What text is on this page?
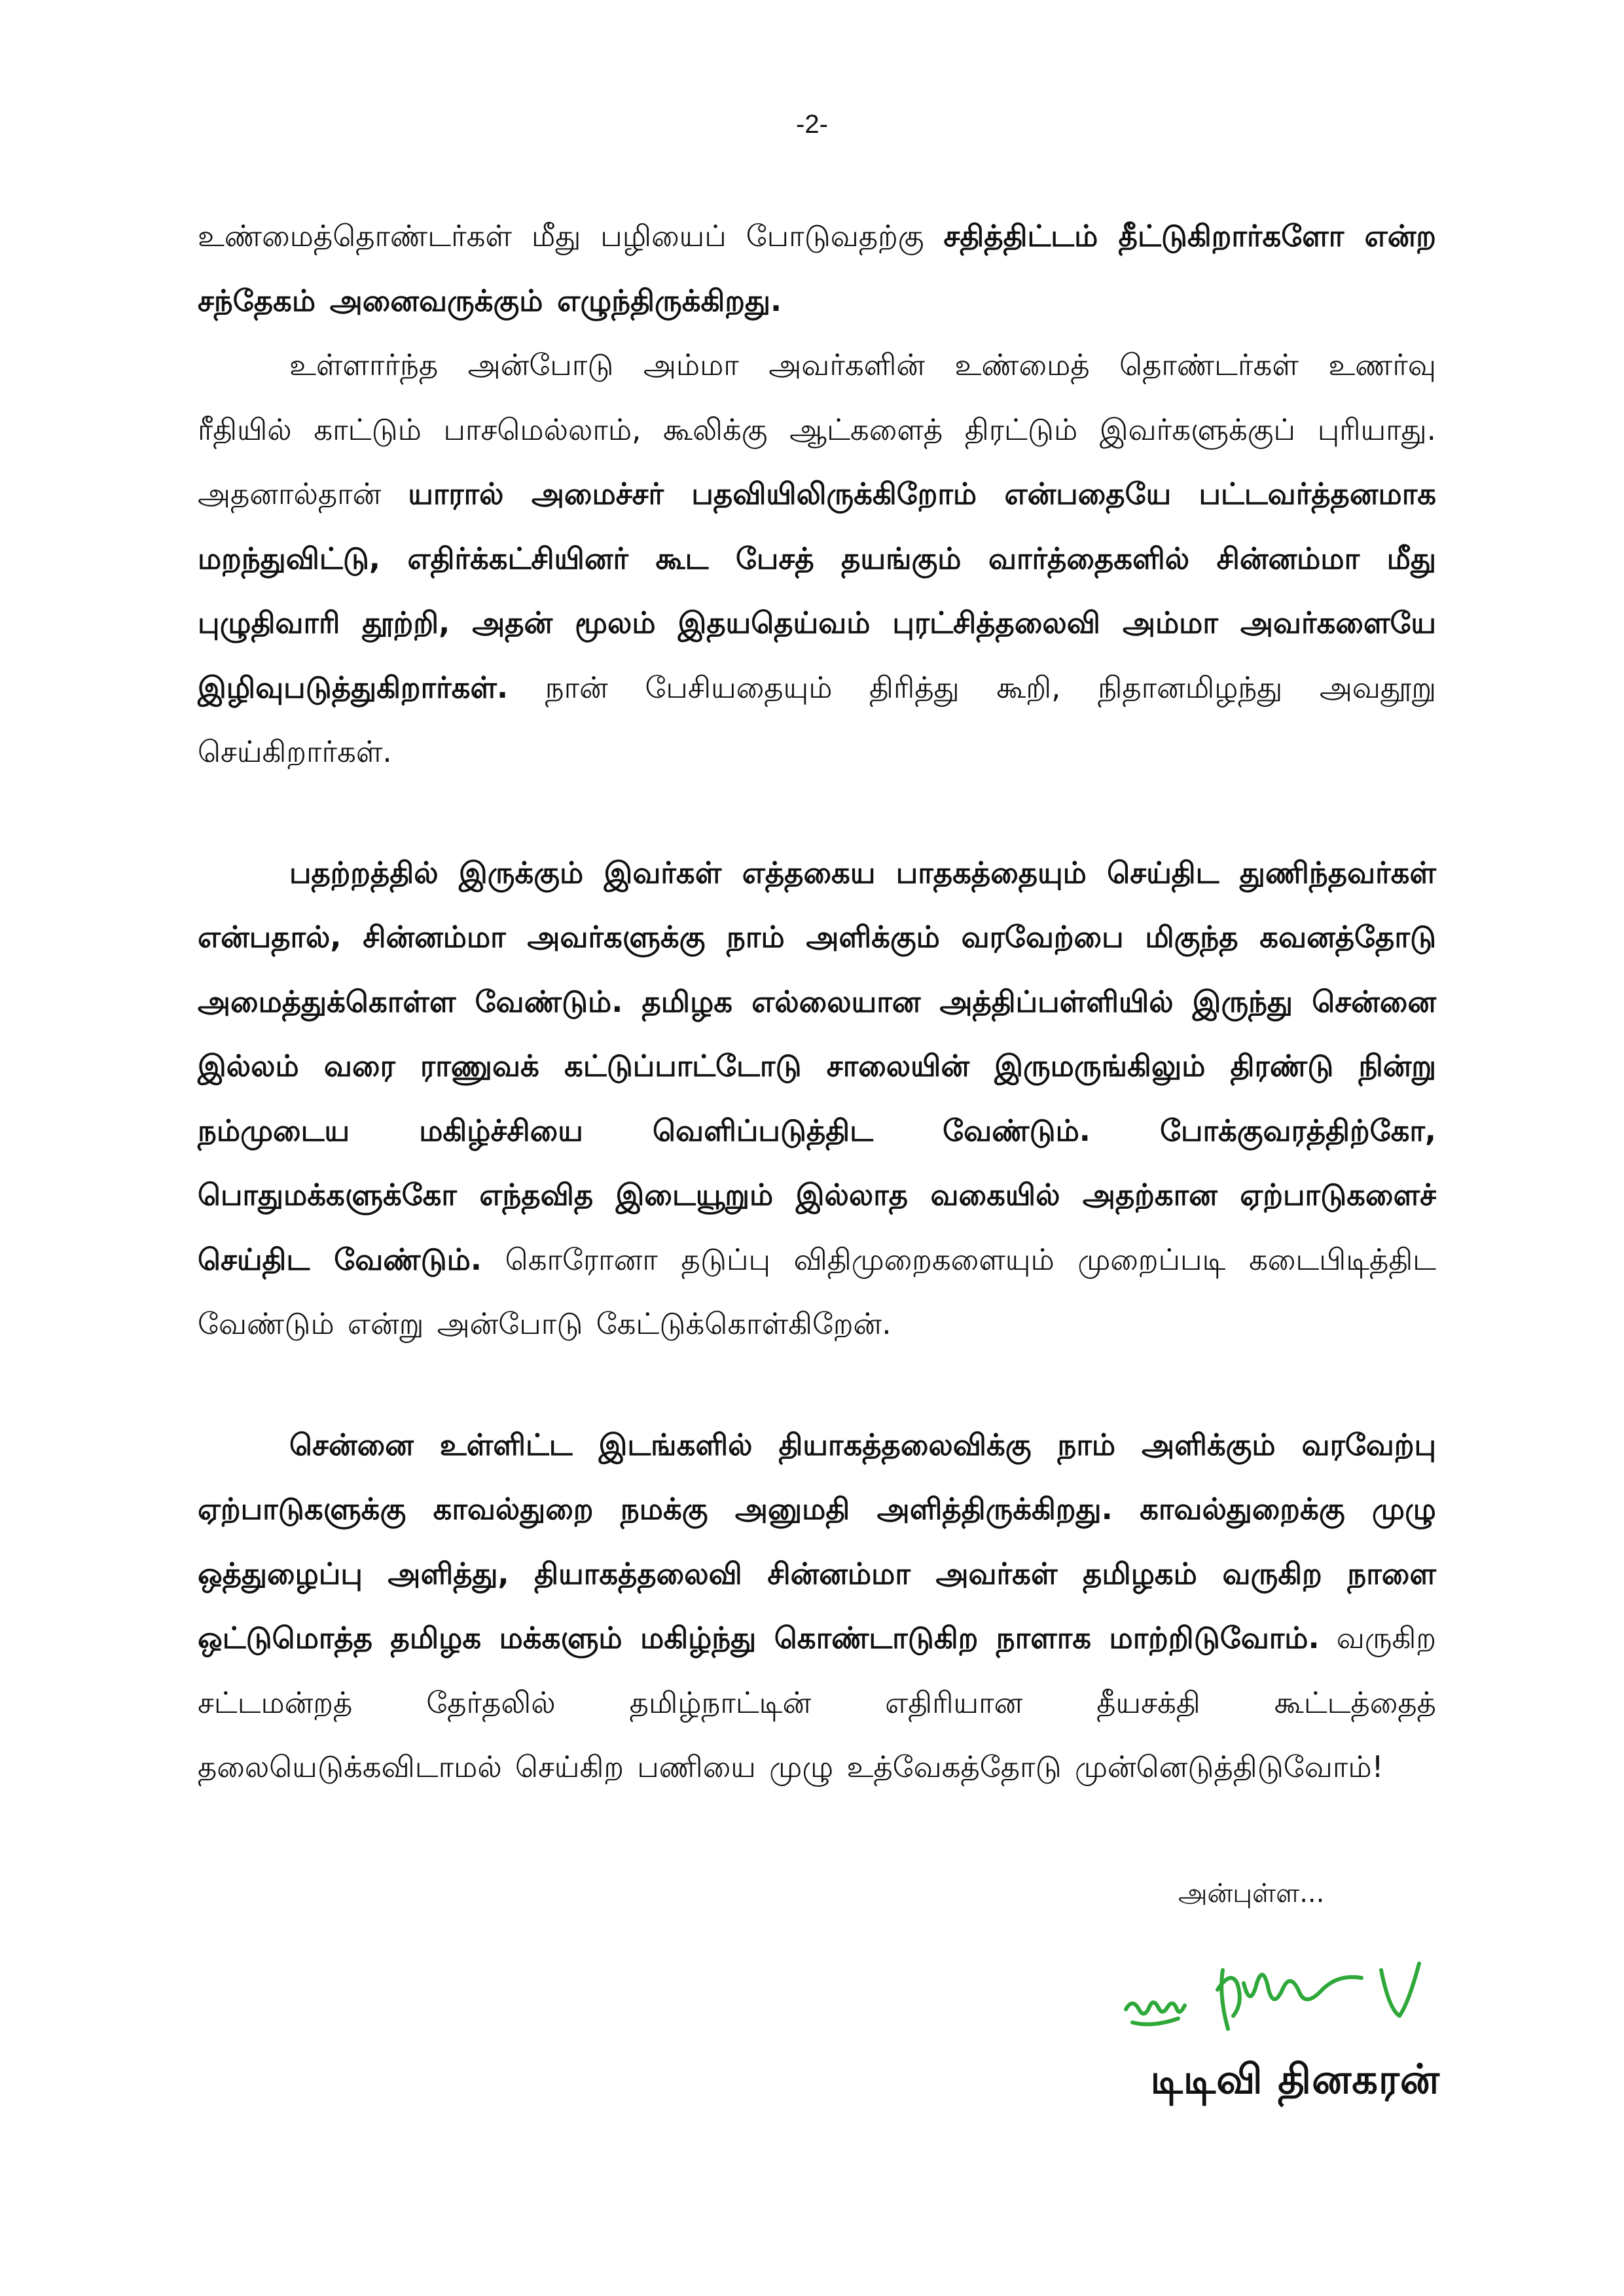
-2-

உண்மைத்தொண்டர்கள் மீது பழியைப் போடுவதற்கு சதித்திட்டம் தீட்டுகிறார்களோ என்ற சந்தேகம் அனைவருக்கும் எழுந்திருக்கிறது.

உள்ளார்ந்த அன்போடு அம்மா அவர்களின் உண்மைத் தொண்டர்கள் உணர்வு ரீதியில் காட்டும் பாசமெல்லாம், கூலிக்கு ஆட்களைத் திரட்டும் இவர்களுக்குப் புரியாது. அதனால்தான் யாரால் அமைச்சர் பதவியிலிருக்கிறோம் என்பதையே பட்டவர்த்தனமாக மறந்துவிட்டு, எதிர்க்கட்சியினர் கூட பேசத் தயங்கும் வார்த்தைகளில் சின்னம்மா மீது புழுதிவாரி தூற்றி, அதன் மூலம் இதயதெய்வம் புரட்சித்தலைவி அம்மா அவர்களையே இழிவுபடுத்துகிறார்கள். நான் பேசியதையும் திரித்து கூறி, நிதானமிழந்து அவதூறு செய்கிறார்கள்.

பதற்றத்தில் இருக்கும் இவர்கள் எத்தகைய பாதகத்தையும் செய்திட துணிந்தவர்கள் என்பதால், சின்னம்மா அவர்களுக்கு நாம் அளிக்கும் வரவேற்பை மிகுந்த கவனத்தோடு அமைத்துக்கொள்ள வேண்டும். தமிழக எல்லையான அத்திப்பள்ளியில் இருந்து சென்னை இல்லம் வரை ராணுவக் கட்டுப்பாட்டோடு சாலையின் இருமருங்கிலும் திரண்டு நின்று நம்முடைய மகிழ்ச்சியை வெளிப்படுத்திட வேண்டும். போக்குவரத்திற்கோ, பொதுமக்களுக்கோ எந்தவித இடையூறும் இல்லாத வகையில் அதற்கான ஏற்பாடுகளைச் செய்திட வேண்டும். கொரோனா தடுப்பு விதிமுறைகளையும் முறைப்படி கடைபிடித்திட வேண்டும் என்று அன்போடு கேட்டுக்கொள்கிறேன்.

சென்னை உள்ளிட்ட இடங்களில் தியாகத்தலைவிக்கு நாம் அளிக்கும் வரவேற்பு ஏற்பாடுகளுக்கு காவல்துறை நமக்கு அனுமதி அளித்திருக்கிறது. காவல்துறைக்கு முழு ஒத்துழைப்பு அளித்து, தியாகத்தலைவி சின்னம்மா அவர்கள் தமிழகம் வருகிற நாளை ஒட்டுமொத்த தமிழக மக்களும் மகிழ்ந்து கொண்டாடுகிற நாளாக மாற்றிடுவோம். வருகிற சட்டமன்றத் தேர்தலில் தமிழ்நாட்டின் எதிரியான தீயசக்தி கூட்டத்தைத் தலையெடுக்கவிடாமல் செய்கிற பணியை முழு உத்வேகத்தோடு முன்னெடுத்திடுவோம்!

அன்புள்ள...
டிடிவி தினகரன்
